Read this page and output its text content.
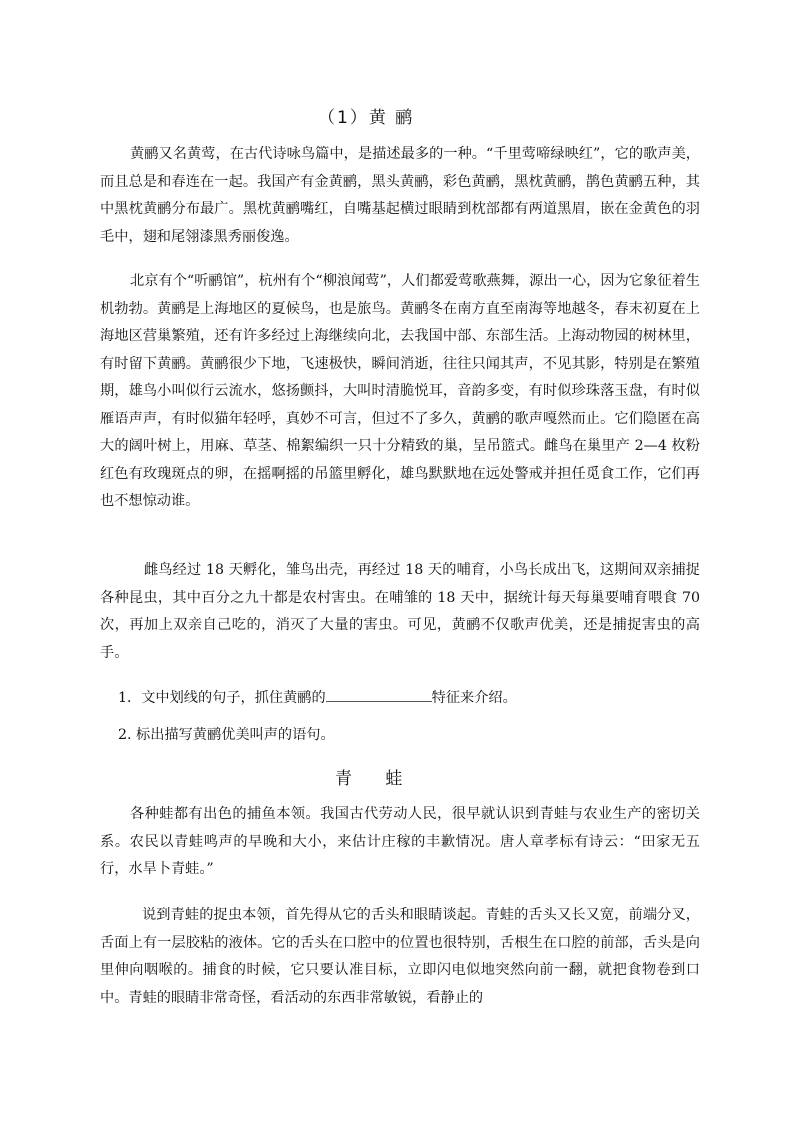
（1）黄 鹂

黄鹂又名黄莺，在古代诗咏鸟篇中，是描述最多的一种。“千里莺啼绿映红”，它的歌声美，而且总是和春连在一起。我国产有金黄鹂，黑头黄鹂，彩色黄鹂，黑枕黄鹂，鹊色黄鹂五种，其中黑枕黄鹂分布最广。黑枕黄鹂嘴红，自嘴基起横过眼睛到枕部都有两道黑眉，嵌在金黄色的羽毛中，翅和尾翎漆黑秀丽俊逸。

北京有个“听鹂馆”，杭州有个“柳浪闻莺”，人们都爱莺歌燕舞，源出一心，因为它象征着生机勃勃。黄鹂是上海地区的夏候鸟，也是旅鸟。黄鹂冬在南方直至南海等地越冬，春末初夏在上海地区营巢繁殖，还有许多经过上海继续向北，去我国中部、东部生活。上海动物园的树林里，有时留下黄鹂。黄鹂很少下地，飞速极快，瞬间消逝，往往只闻其声，不见其影，特别是在繁殖期，雄鸟小叫似行云流水，悠扬颤抖，大叫时清脆悦耳，音韵多变，有时似珍珠落玉盘，有时似雁语声声，有时似猫年轻呼，真妙不可言，但过不了多久，黄鹂的歌声嘎然而止。它们隐匿在高大的阔叶树上，用麻、草茎、棉絮编织一只十分精致的巢，呈吊篮式。雌鸟在巢里产 2—4 枚粉红色有玫瑰斑点的卵，在摇啊摇的吊篮里孵化，雄鸟默默地在远处警戒并担任觅食工作，它们再也不想惊动谁。

雌鸟经过 18 天孵化，雏鸟出壳，再经过 18 天的哺育，小鸟长成出飞，这期间双亲捕捉各种昆虫，其中百分之九十都是农村害虫。在哺雏的 18 天中，据统计每天每巢要哺育喂食 70 次，再加上双亲自己吃的，消灭了大量的害虫。可见，黄鹂不仅歌声优美，还是捕捉害虫的高手。

1．文中划线的句子，抓住黄鹂的	特征来介绍。
2. 标出描写黄鹂优美叫声的语句。
青 蛙

各种蛙都有出色的捕鱼本领。我国古代劳动人民，很早就认识到青蛙与农业生产的密切关系。农民以青蛙鸣声的早晚和大小，来估计庄稼的丰歉情况。唐人章孝标有诗云：“田家无五行，水旱卜青蛙。”

说到青蛙的捉虫本领，首先得从它的舌头和眼睛谈起。青蛙的舌头又长又宽，前端分叉，舌面上有一层胶粘的液体。它的舌头在口腔中的位置也很特别，舌根生在口腔的前部，舌头是向里伸向咽喉的。捕食的时候，它只要认准目标，立即闪电似地突然向前一翻，就把食物卷到口中。青蛙的眼睛非常奇怪，看活动的东西非常敏锐，看静止的
